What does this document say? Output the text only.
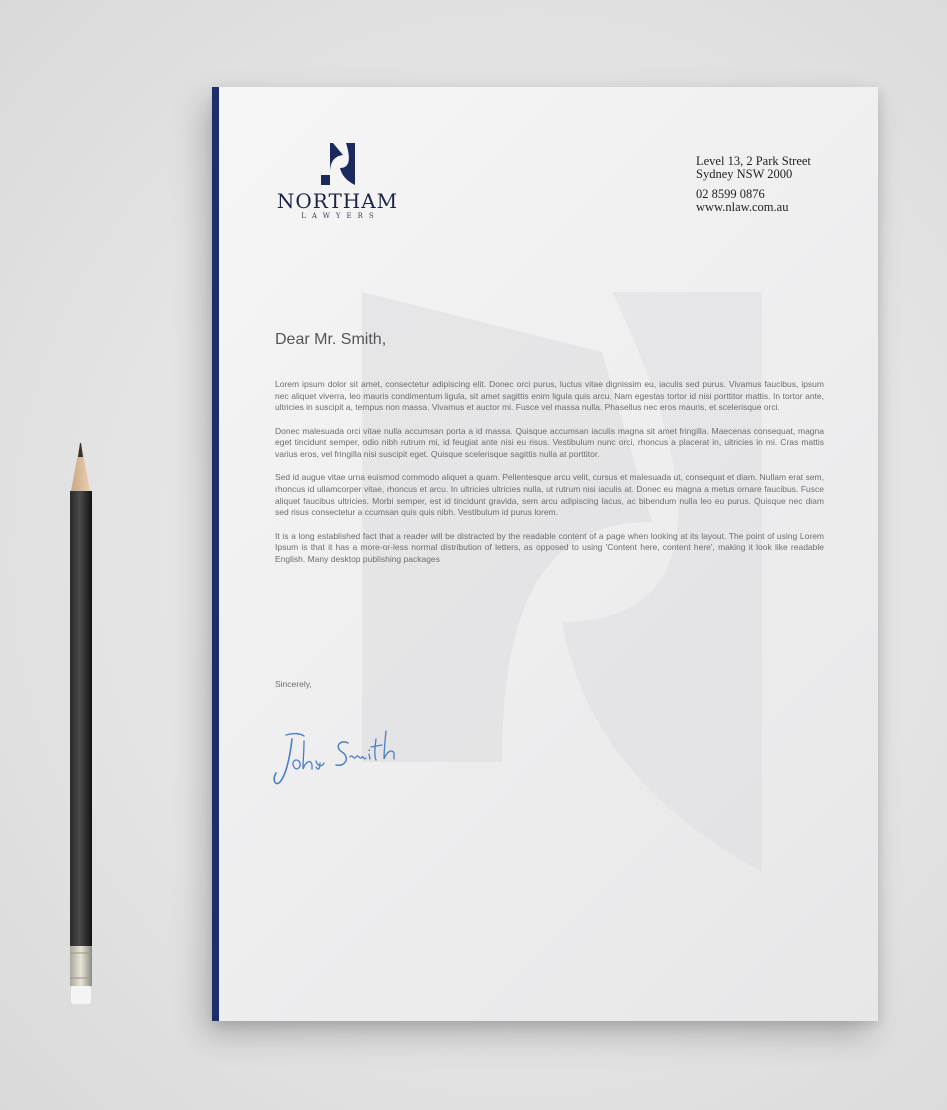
NORTHAM
LAWYERS
Level 13, 2 Park Street
Sydney NSW 2000
02 8599 0876
www.nlaw.com.au
Dear Mr. Smith,

Lorem ipsum dolor sit amet, consectetur adipiscing elit. Donec orci purus, luctus vitae dignissim eu, iaculis sed purus. Vivamus faucibus, ipsum nec aliquet viverra, leo mauris condimentum ligula, sit amet sagittis enim ligula quis arcu. Nam egestas tortor id nisi porttitor mattis. In tortor ante, ultricies in suscipit a, tempus non massa. Vivamus et auctor mi. Fusce vel massa nulla. Phasellus nec eros mauris, et scelerisque orci.

Donec malesuada orci vitae nulla accumsan porta a id massa. Quisque accumsan iaculis magna sit amet fringilla. Maecenas consequat, magna eget tincidunt semper, odio nibh rutrum mi, id feugiat ante nisi eu risus. Vestibulum nunc orci, rhoncus a placerat in, ultricies in mi. Cras mattis varius eros, vel fringilla nisi suscipit eget. Quisque scelerisque sagittis nulla at porttitor.

Sed id augue vitae urna euismod commodo aliquet a quam. Pellentesque arcu velit, cursus et malesuada ut, consequat et diam. Nullam erat sem, rhoncus id ullamcorper vitae, rhoncus et arcu. In ultricies ultricies nulla, ut rutrum nisi iaculis at. Donec eu magna a metus ornare faucibus. Fusce aliquet faucibus ultricies. Morbi semper, est id tincidunt gravida, sem arcu adipiscing lacus, ac bibendum nulla leo eu purus. Quisque nec diam sed risus consectetur a ccumsan quis quis nibh. Vestibulum id purus lorem.

It is a long established fact that a reader will be distracted by the readable content of a page when looking at its layout. The point of using Lorem Ipsum is that it has a more-or-less normal distribution of letters, as opposed to using 'Content here, content here', making it look like readable English. Many desktop publishing packages

Sincerely,
